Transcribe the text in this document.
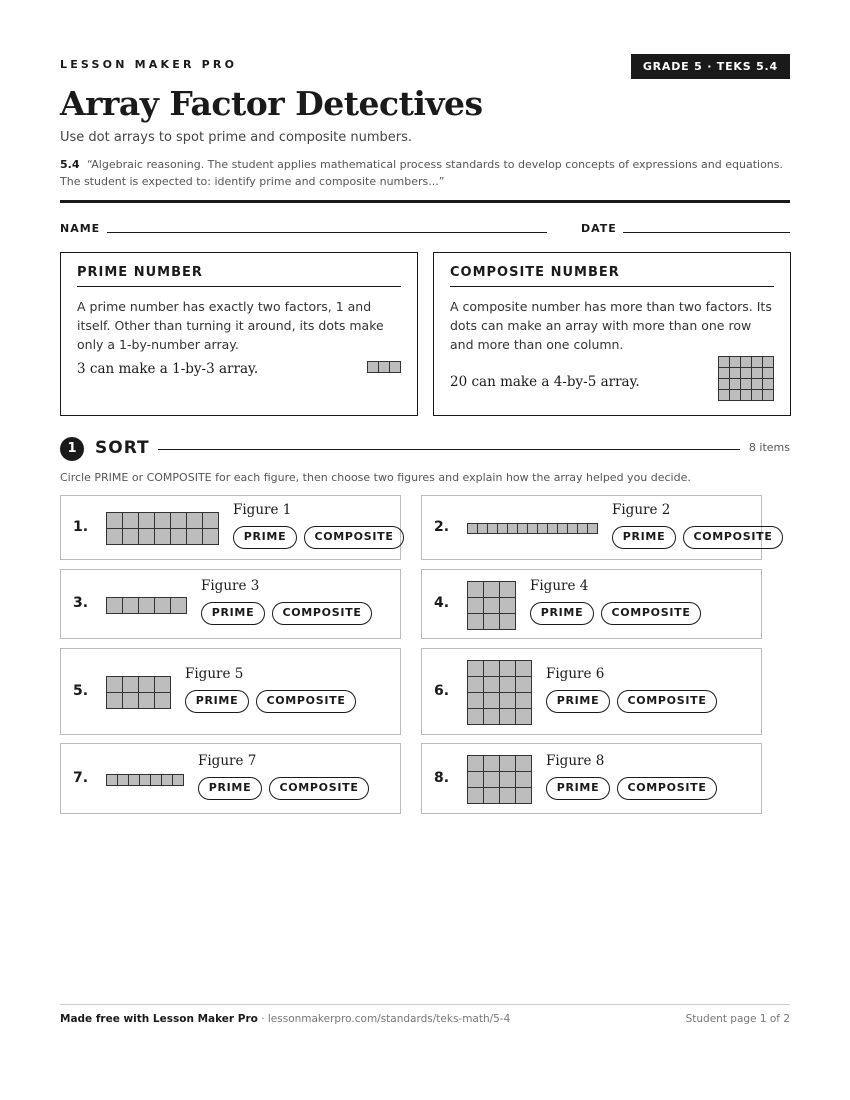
LESSON MAKER PRO	GRADE 5 · TEKS 5.4
Array Factor Detectives
Use dot arrays to spot prime and composite numbers.
5.4 “Algebraic reasoning. The student applies mathematical process standards to develop concepts of expressions and equations. The student is expected to: identify prime and composite numbers...”
NAME	DATE
PRIME NUMBER
A prime number has exactly two factors, 1 and itself. Other than turning it around, its dots make only a 1-by-number array.
3 can make a 1-by-3 array.
COMPOSITE NUMBER
A composite number has more than two factors. Its dots can make an array with more than one row and more than one column.
20 can make a 4-by-5 array.
1	SORT	8 items
Circle PRIME or COMPOSITE for each figure, then choose two figures and explain how the array helped you decide.
1.
Figure 1
PRIME	COMPOSITE
2.
Figure 2
PRIME	COMPOSITE
3.
Figure 3
PRIME	COMPOSITE
4.
Figure 4
PRIME	COMPOSITE
5.
Figure 5
PRIME	COMPOSITE
6.
Figure 6
PRIME	COMPOSITE
7.
Figure 7
PRIME	COMPOSITE
8.
Figure 8
PRIME	COMPOSITE
Made free with Lesson Maker Pro · lessonmakerpro.com/standards/teks-math/5-4	Student page 1 of 2
